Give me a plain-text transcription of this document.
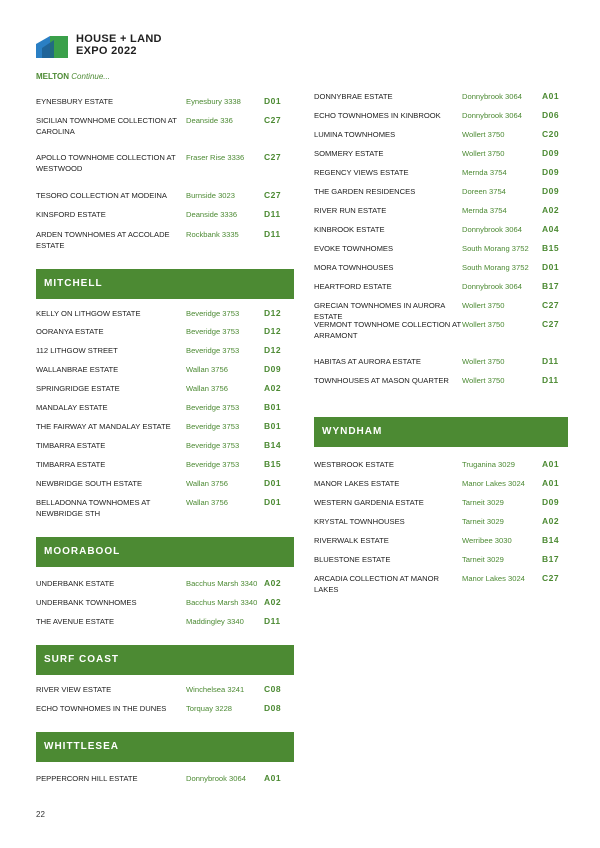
HOUSE + LAND
EXPO 2022
MELTON Continue...
EYNESBURY ESTATE	Eynesbury 3338	D01
SICILIAN TOWNHOME COLLECTION AT CAROLINA
Deanside 336	C27
APOLLO TOWNHOME COLLECTION AT WESTWOOD
Fraser Rise 3336	C27
TESORO COLLECTION AT MODEINA	Burnside 3023	C27
KINSFORD ESTATE	Deanside 3336	D11
ARDEN TOWNHOMES AT ACCOLADE ESTATE
Rockbank 3335	D11
MITCHELL
KELLY ON LITHGOW ESTATE	Beveridge 3753	D12
OORANYA ESTATE	Beveridge 3753	D12
112 LITHGOW STREET	Beveridge 3753	D12
WALLANBRAE ESTATE	Wallan 3756	D09
SPRINGRIDGE ESTATE	Wallan 3756	A02
MANDALAY ESTATE	Beveridge 3753	B01
THE FAIRWAY AT MANDALAY ESTATE	Beveridge 3753	B01
TIMBARRA ESTATE	Beveridge 3753	B14
TIMBARRA ESTATE	Beveridge 3753	B15
NEWBRIDGE SOUTH ESTATE	Wallan 3756	D01
BELLADONNA TOWNHOMES AT NEWBRIDGE STH
Wallan 3756	D01
MOORABOOL
UNDERBANK ESTATE	Bacchus Marsh 3340 A02
UNDERBANK TOWNHOMES	Bacchus Marsh 3340 A02
THE AVENUE ESTATE	Maddingley 3340	D11
SURF COAST
RIVER VIEW ESTATE	Winchelsea 3241	C08
ECHO TOWNHOMES IN THE DUNES	Torquay 3228	D08
WHITTLESEA
PEPPERCORN HILL ESTATE	Donnybrook 3064	A01
DONNYBRAE ESTATE	Donnybrook 3064	A01
ECHO TOWNHOMES IN KINBROOK	Donnybrook 3064	D06
LUMINA TOWNHOMES	Wollert 3750	C20
SOMMERY ESTATE	Wollert 3750	D09
REGENCY VIEWS ESTATE	Mernda 3754	D09
THE GARDEN RESIDENCES	Doreen 3754	D09
RIVER RUN ESTATE	Mernda 3754	A02
KINBROOK ESTATE	Donnybrook 3064	A04
EVOKE TOWNHOMES	South Morang 3752	B15
MORA TOWNHOUSES	South Morang 3752	D01
HEARTFORD ESTATE	Donnybrook 3064	B17
GRECIAN TOWNHOMES IN AURORA ESTATE
Wollert 3750	C27
VERMONT TOWNHOME COLLECTION AT ARRAMONT
Wollert 3750	C27
HABITAS AT AURORA ESTATE	Wollert 3750	D11
TOWNHOUSES AT MASON QUARTER	Wollert 3750	D11
WYNDHAM
WESTBROOK ESTATE	Truganina 3029	A01
MANOR LAKES ESTATE	Manor Lakes 3024	A01
WESTERN GARDENIA ESTATE	Tarneit 3029	D09
KRYSTAL TOWNHOUSES	Tarneit 3029	A02
RIVERWALK ESTATE	Werribee 3030	B14
BLUESTONE ESTATE	Tarneit 3029	B17
ARCADIA COLLECTION AT MANOR LAKES
Manor Lakes 3024	C27
22
